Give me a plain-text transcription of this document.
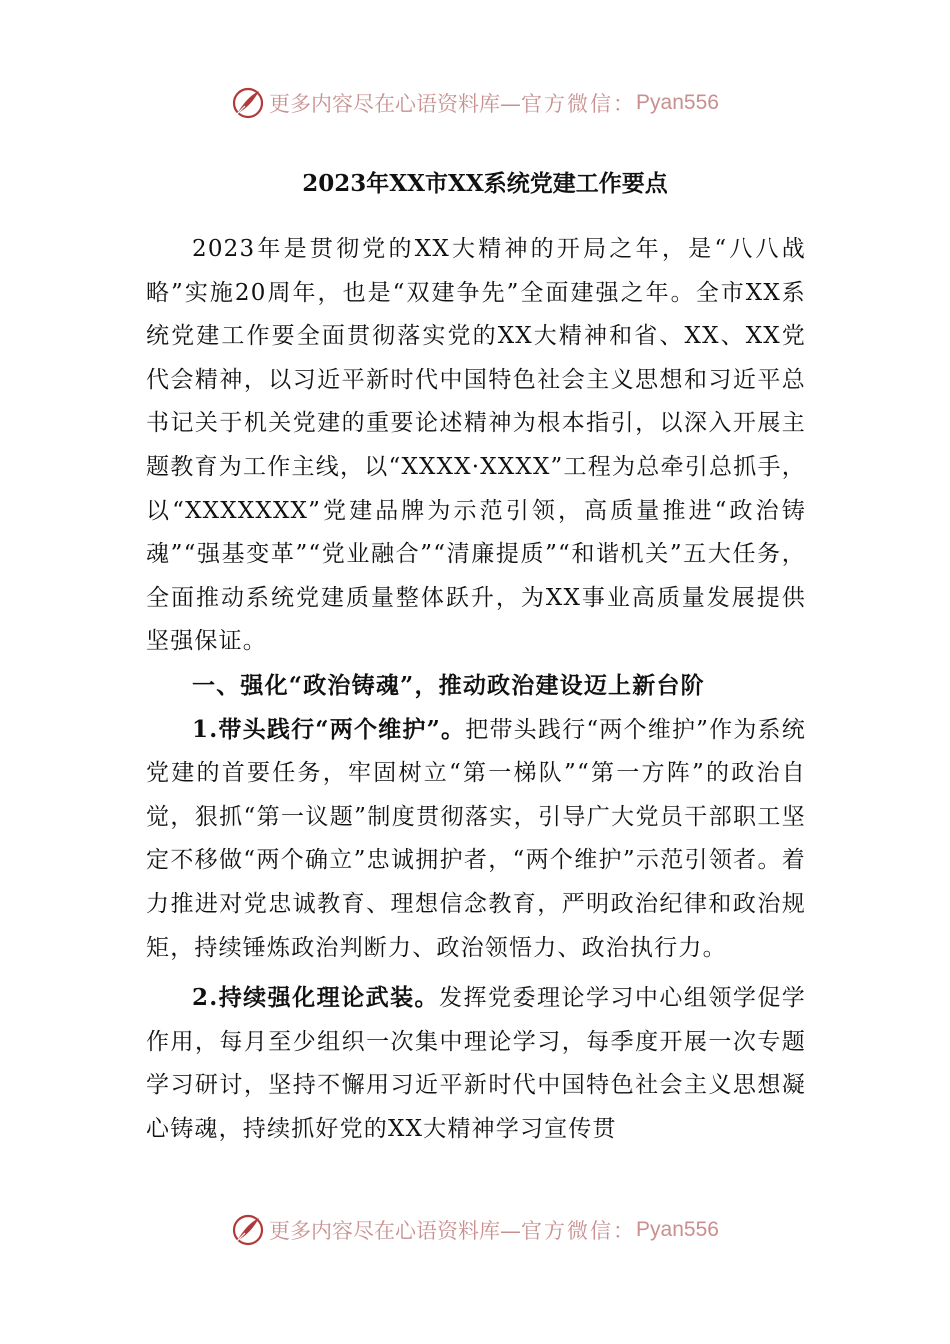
更多内容尽在心语资料库— 官方微信： Pyan556
2023年XX市XX系统党建工作要点

2023年是贯彻党的XX大精神的开局之年，是“八八战略”实施20周年，也是“双建争先”全面建强之年。全市XX系统党建工作要全面贯彻落实党的XX大精神和省、XX、XX党代会精神，以习近平新时代中国特色社会主义思想和习近平总书记关于机关党建的重要论述精神为根本指引，以深入开展主题教育为工作主线，以“XXXX·XXXX”工程为总牵引总抓手，以“XXXXXXX”党建品牌为示范引领，高质量推进“政治铸魂”“强基变革”“党业融合”“清廉提质”“和谐机关”五大任务，全面推动系统党建质量整体跃升，为XX事业高质量发展提供坚强保证。

一、强化“政治铸魂”，推动政治建设迈上新台阶

1.带头践行“两个维护”。把带头践行“两个维护”作为系统党建的首要任务，牢固树立“第一梯队”“第一方阵”的政治自觉，狠抓“第一议题”制度贯彻落实，引导广大党员干部职工坚定不移做“两个确立”忠诚拥护者，“两个维护”示范引领者。着力推进对党忠诚教育、理想信念教育，严明政治纪律和政治规矩，持续锤炼政治判断力、政治领悟力、政治执行力。

2.持续强化理论武装。发挥党委理论学习中心组领学促学作用，每月至少组织一次集中理论学习，每季度开展一次专题学习研讨，坚持不懈用习近平新时代中国特色社会主义思想凝心铸魂，持续抓好党的XX大精神学习宣传贯

更多内容尽在心语资料库— 官方微信： Pyan556
